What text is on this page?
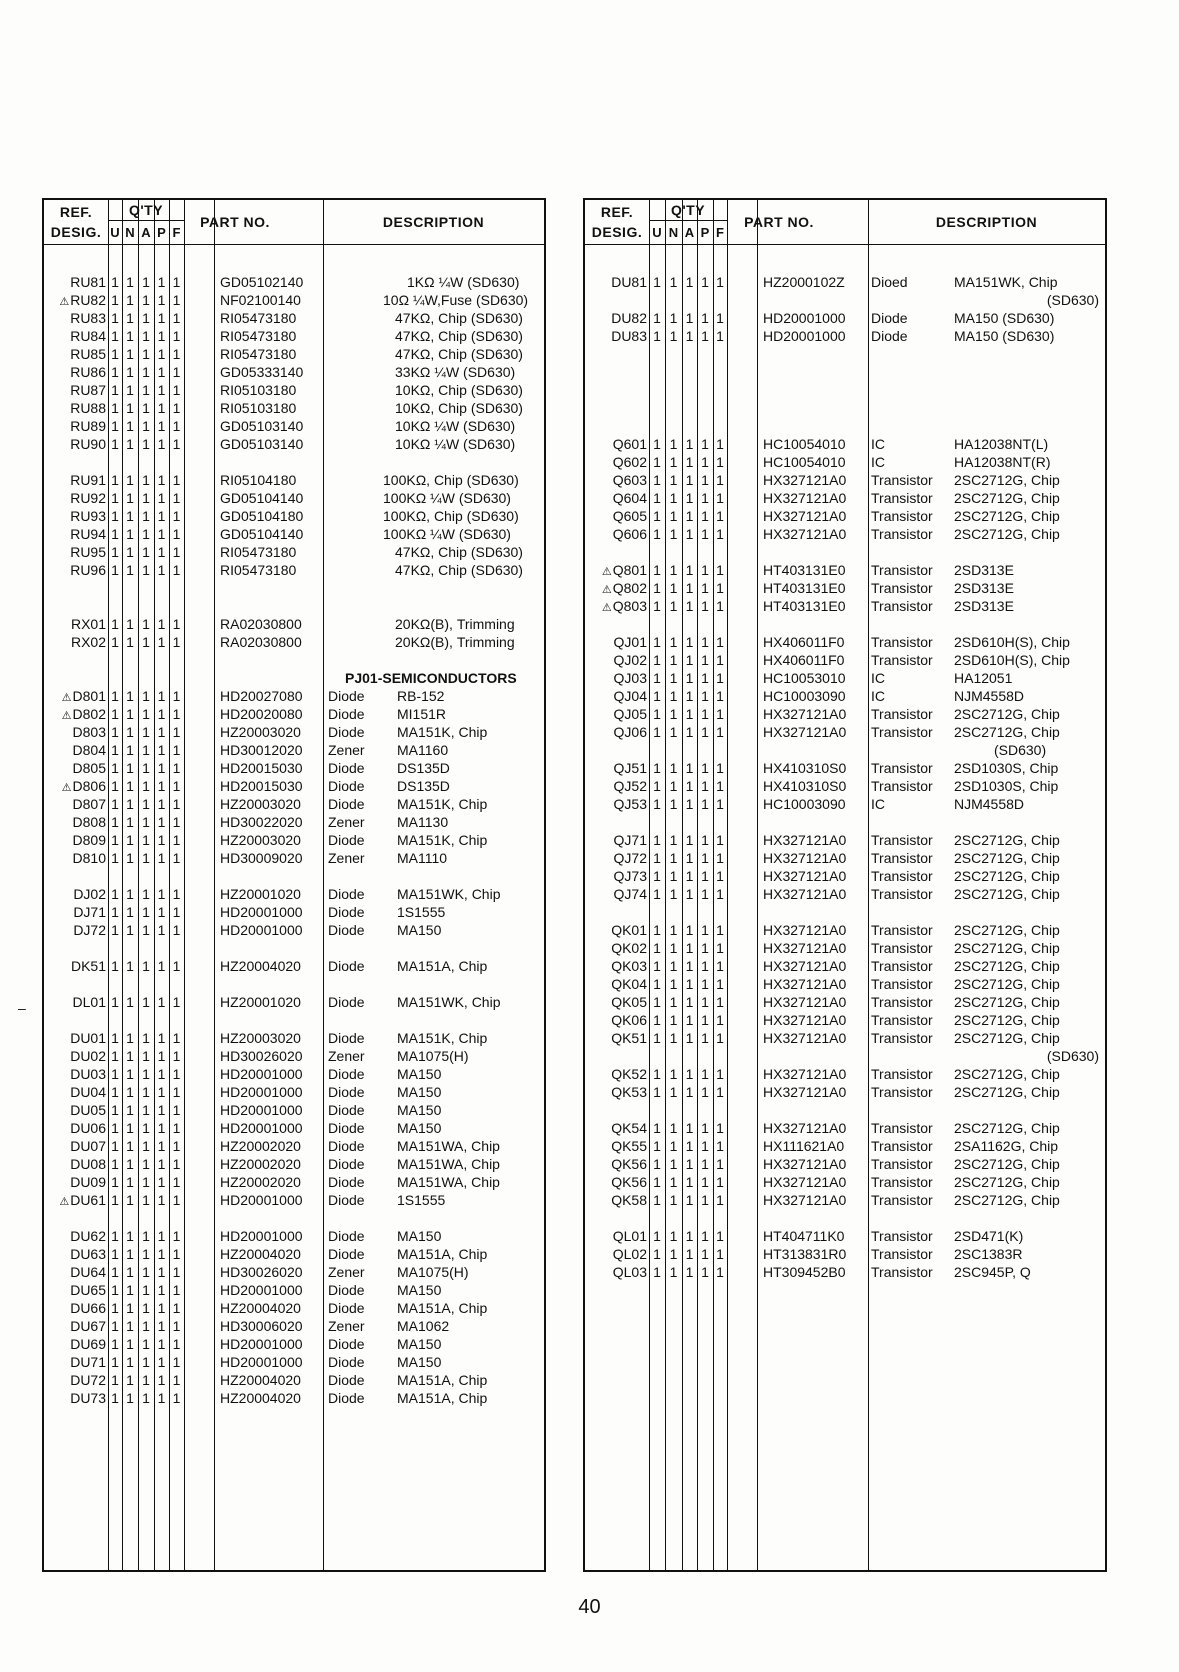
REF.
DESIG.
Q'TY
U N A P F
PART NO.	DESCRIPTION
RU81 1 1 1 1 1	GD05102140	1KΩ ¼W (SD630)
⚠RU82 1 1 1 1 1	NF02100140	10Ω ¼W,Fuse (SD630)
RU83 1 1 1 1 1	RI05473180	47KΩ, Chip (SD630)
RU84 1 1 1 1 1	RI05473180	47KΩ, Chip (SD630)
RU85 1 1 1 1 1	RI05473180	47KΩ, Chip (SD630)
RU86 1 1 1 1 1	GD05333140	33KΩ ¼W (SD630)
RU87 1 1 1 1 1	RI05103180	10KΩ, Chip (SD630)
RU88 1 1 1 1 1	RI05103180	10KΩ, Chip (SD630)
RU89 1 1 1 1 1	GD05103140	10KΩ ¼W (SD630)
RU90 1 1 1 1 1	GD05103140	10KΩ ¼W (SD630)
RU91 1 1 1 1 1	RI05104180	100KΩ, Chip (SD630)
RU92 1 1 1 1 1	GD05104140	100KΩ ¼W (SD630)
RU93 1 1 1 1 1	GD05104180	100KΩ, Chip (SD630)
RU94 1 1 1 1 1	GD05104140	100KΩ ¼W (SD630)
RU95 1 1 1 1 1	RI05473180	47KΩ, Chip (SD630)
RU96 1 1 1 1 1	RI05473180	47KΩ, Chip (SD630)
RX01 1 1 1 1 1	RA02030800	20KΩ(B), Trimming
RX02 1 1 1 1 1	RA02030800	20KΩ(B), Trimming
PJ01-SEMICONDUCTORS
⚠D801 1 1 1 1 1	HD20027080 Diode RB-152
⚠D802 1 1 1 1 1	HD20020080 Diode MI151R
D803 1 1 1 1 1	HZ20003020 Diode MA151K, Chip
D804 1 1 1 1 1	HD30012020 Zener MA1160
D805 1 1 1 1 1	HD20015030 Diode DS135D
⚠D806 1 1 1 1 1	HD20015030 Diode DS135D
D807 1 1 1 1 1	HZ20003020 Diode MA151K, Chip
D808 1 1 1 1 1	HD30022020 Zener MA1130
D809 1 1 1 1 1	HZ20003020 Diode MA151K, Chip
D810 1 1 1 1 1	HD30009020 Zener MA1110
DJ02 1 1 1 1 1	HZ20001020 Diode MA151WK, Chip
DJ71 1 1 1 1 1	HD20001000 Diode 1S1555
DJ72 1 1 1 1 1	HD20001000 Diode MA150
DK51 1 1 1 1 1	HZ20004020 Diode MA151A, Chip
DL01 1 1 1 1 1	HZ20001020 Diode MA151WK, Chip
DU01 1 1 1 1 1	HZ20003020 Diode MA151K, Chip
DU02 1 1 1 1 1	HD30026020 Zener MA1075(H)
DU03 1 1 1 1 1	HD20001000 Diode MA150
DU04 1 1 1 1 1	HD20001000 Diode MA150
DU05 1 1 1 1 1	HD20001000 Diode MA150
DU06 1 1 1 1 1	HD20001000 Diode MA150
DU07 1 1 1 1 1	HZ20002020 Diode MA151WA, Chip
DU08 1 1 1 1 1	HZ20002020 Diode MA151WA, Chip
DU09 1 1 1 1 1	HZ20002020 Diode MA151WA, Chip
⚠DU61 1 1 1 1 1	HD20001000 Diode 1S1555
DU62 1 1 1 1 1	HD20001000 Diode MA150
DU63 1 1 1 1 1	HZ20004020 Diode MA151A, Chip
DU64 1 1 1 1 1	HD30026020 Zener MA1075(H)
DU65 1 1 1 1 1	HD20001000 Diode MA150
DU66 1 1 1 1 1	HZ20004020 Diode MA151A, Chip
DU67 1 1 1 1 1	HD30006020 Zener MA1062
DU69 1 1 1 1 1	HD20001000 Diode MA150
DU71 1 1 1 1 1	HD20001000 Diode MA150
DU72 1 1 1 1 1	HZ20004020 Diode MA151A, Chip
DU73 1 1 1 1 1	HZ20004020 Diode MA151A, Chip
REF.
DESIG.
Q'TY
U N A P F
PART NO.	DESCRIPTION
DU81 1 1 1 1 1	HZ2000102Z Dioed	MA151WK, Chip
(SD630)
DU82 1 1 1 1 1	HD20001000 Diode	MA150 (SD630)
DU83 1 1 1 1 1	HD20001000 Diode	MA150 (SD630)
Q601 1 1 1 1 1	HC10054010 IC	HA12038NT(L)
Q602 1 1 1 1 1	HC10054010 IC	HA12038NT(R)
Q603 1 1 1 1 1	HX327121A0 Transistor 2SC2712G, Chip
Q604 1 1 1 1 1	HX327121A0 Transistor 2SC2712G, Chip
Q605 1 1 1 1 1	HX327121A0 Transistor 2SC2712G, Chip
Q606 1 1 1 1 1	HX327121A0 Transistor 2SC2712G, Chip
⚠Q801 1 1 1 1 1	HT403131E0 Transistor 2SD313E
⚠Q802 1 1 1 1 1	HT403131E0 Transistor 2SD313E
⚠Q803 1 1 1 1 1	HT403131E0 Transistor 2SD313E
QJ01 1 1 1 1 1	HX406011F0 Transistor 2SD610H(S), Chip
QJ02 1 1 1 1 1	HX406011F0 Transistor 2SD610H(S), Chip
QJ03 1 1 1 1 1	HC10053010 IC	HA12051
QJ04 1 1 1 1 1	HC10003090 IC	NJM4558D
QJ05 1 1 1 1 1	HX327121A0 Transistor 2SC2712G, Chip
QJ06 1 1 1 1 1	HX327121A0 Transistor 2SC2712G, Chip
(SD630)
QJ51 1 1 1 1 1	HX410310S0 Transistor 2SD1030S, Chip
QJ52 1 1 1 1 1	HX410310S0 Transistor 2SD1030S, Chip
QJ53 1 1 1 1 1	HC10003090 IC	NJM4558D
QJ71 1 1 1 1 1	HX327121A0 Transistor 2SC2712G, Chip
QJ72 1 1 1 1 1	HX327121A0 Transistor 2SC2712G, Chip
QJ73 1 1 1 1 1	HX327121A0 Transistor 2SC2712G, Chip
QJ74 1 1 1 1 1	HX327121A0 Transistor 2SC2712G, Chip
QK01 1 1 1 1 1	HX327121A0 Transistor 2SC2712G, Chip
QK02 1 1 1 1 1	HX327121A0 Transistor 2SC2712G, Chip
QK03 1 1 1 1 1	HX327121A0 Transistor 2SC2712G, Chip
QK04 1 1 1 1 1	HX327121A0 Transistor 2SC2712G, Chip
QK05 1 1 1 1 1	HX327121A0 Transistor 2SC2712G, Chip
QK06 1 1 1 1 1	HX327121A0 Transistor 2SC2712G, Chip
QK51 1 1 1 1 1	HX327121A0 Transistor 2SC2712G, Chip
(SD630)
QK52 1 1 1 1 1	HX327121A0 Transistor 2SC2712G, Chip
QK53 1 1 1 1 1	HX327121A0 Transistor 2SC2712G, Chip
QK54 1 1 1 1 1	HX327121A0 Transistor 2SC2712G, Chip
QK55 1 1 1 1 1	HX111621A0 Transistor 2SA1162G, Chip
QK56 1 1 1 1 1	HX327121A0 Transistor 2SC2712G, Chip
QK56 1 1 1 1 1	HX327121A0 Transistor 2SC2712G, Chip
QK58 1 1 1 1 1	HX327121A0 Transistor 2SC2712G, Chip
QL01 1 1 1 1 1	HT404711K0 Transistor 2SD471(K)
QL02 1 1 1 1 1	HT313831R0 Transistor 2SC1383R
QL03 1 1 1 1 1	HT309452B0 Transistor 2SC945P, Q
–
40
